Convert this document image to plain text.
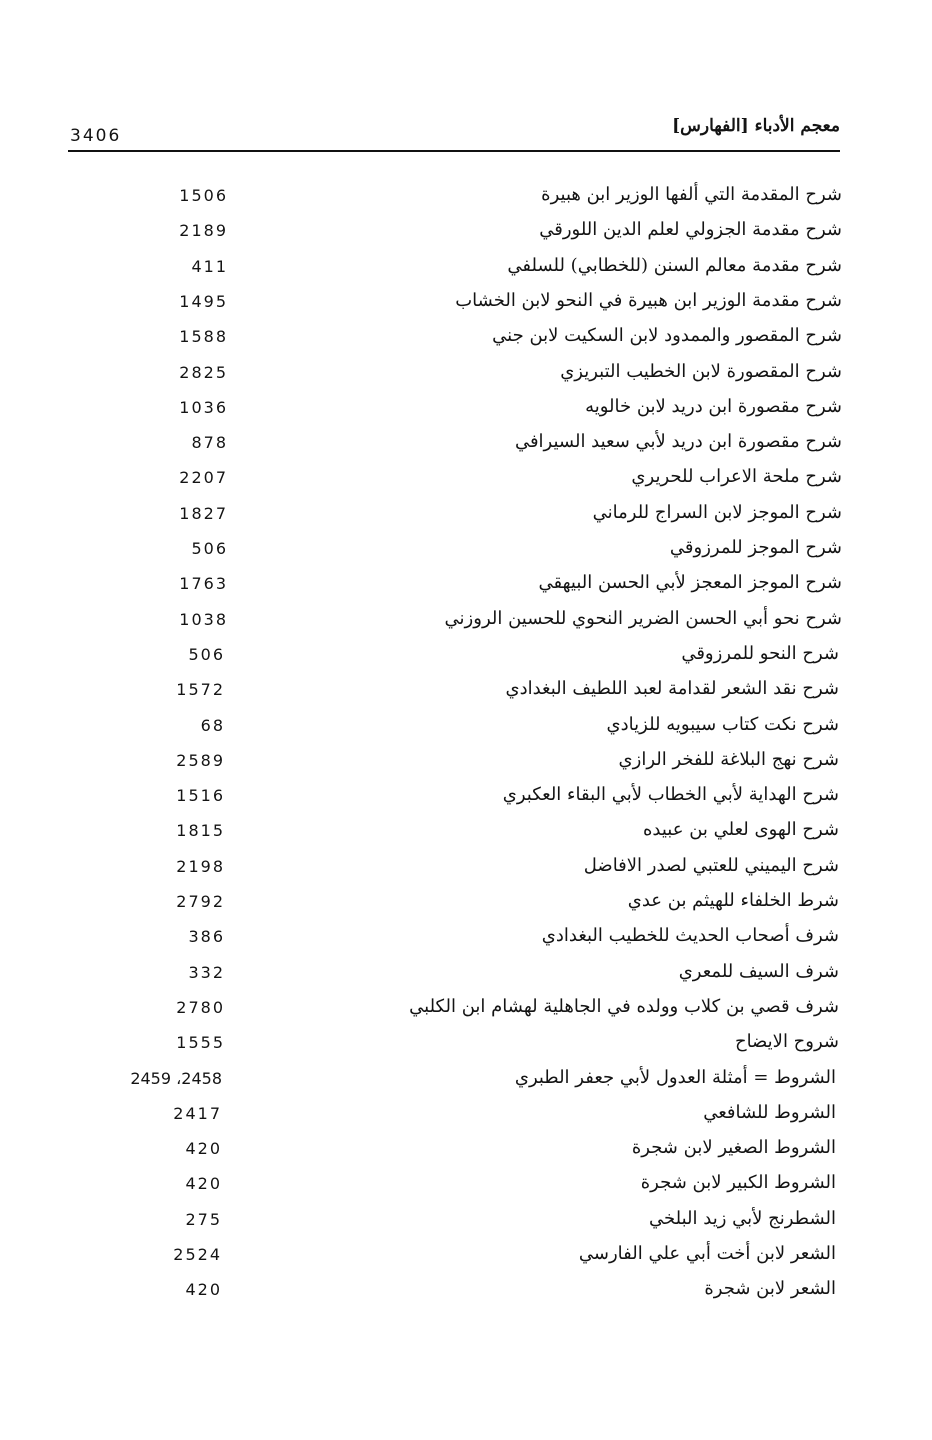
معجم الأدباء [الفهارس]
3406
شرح المقدمة التي ألفها الوزير ابن هبيرة
1506
شرح مقدمة الجزولي لعلم الدين اللورقي
2189
شرح مقدمة معالم السنن (للخطابي) للسلفي
411
شرح مقدمة الوزير ابن هبيرة في النحو لابن الخشاب
1495
شرح المقصور والممدود لابن السكيت لابن جني
1588
شرح المقصورة لابن الخطيب التبريزي
2825
شرح مقصورة ابن دريد لابن خالويه
1036
شرح مقصورة ابن دريد لأبي سعيد السيرافي
878
شرح ملحة الاعراب للحريري
2207
شرح الموجز لابن السراج للرماني
1827
شرح الموجز للمرزوقي
506
شرح الموجز المعجز لأبي الحسن البيهقي
1763
شرح نحو أبي الحسن الضرير النحوي للحسين الروزني
1038
شرح النحو للمرزوقي
506
شرح نقد الشعر لقدامة لعبد اللطيف البغدادي
1572
شرح نكت كتاب سيبويه للزيادي
68
شرح نهج البلاغة للفخر الرازي
2589
شرح الهداية لأبي الخطاب لأبي البقاء العكبري
1516
شرح الهوى لعلي بن عبيده
1815
شرح اليميني للعتبي لصدر الافاضل
2198
شرط الخلفاء للهيثم بن عدي
2792
شرف أصحاب الحديث للخطيب البغدادي
386
شرف السيف للمعري
332
شرف قصي بن كلاب وولده في الجاهلية لهشام ابن الكلبي
2780
شروح الايضاح
1555
الشروط = أمثلة العدول لأبي جعفر الطبري
2458، 2459
الشروط للشافعي
2417
الشروط الصغير لابن شجرة
420
الشروط الكبير لابن شجرة
420
الشطرنج لأبي زيد البلخي
275
الشعر لابن أخت أبي علي الفارسي
2524
الشعر لابن شجرة
420
